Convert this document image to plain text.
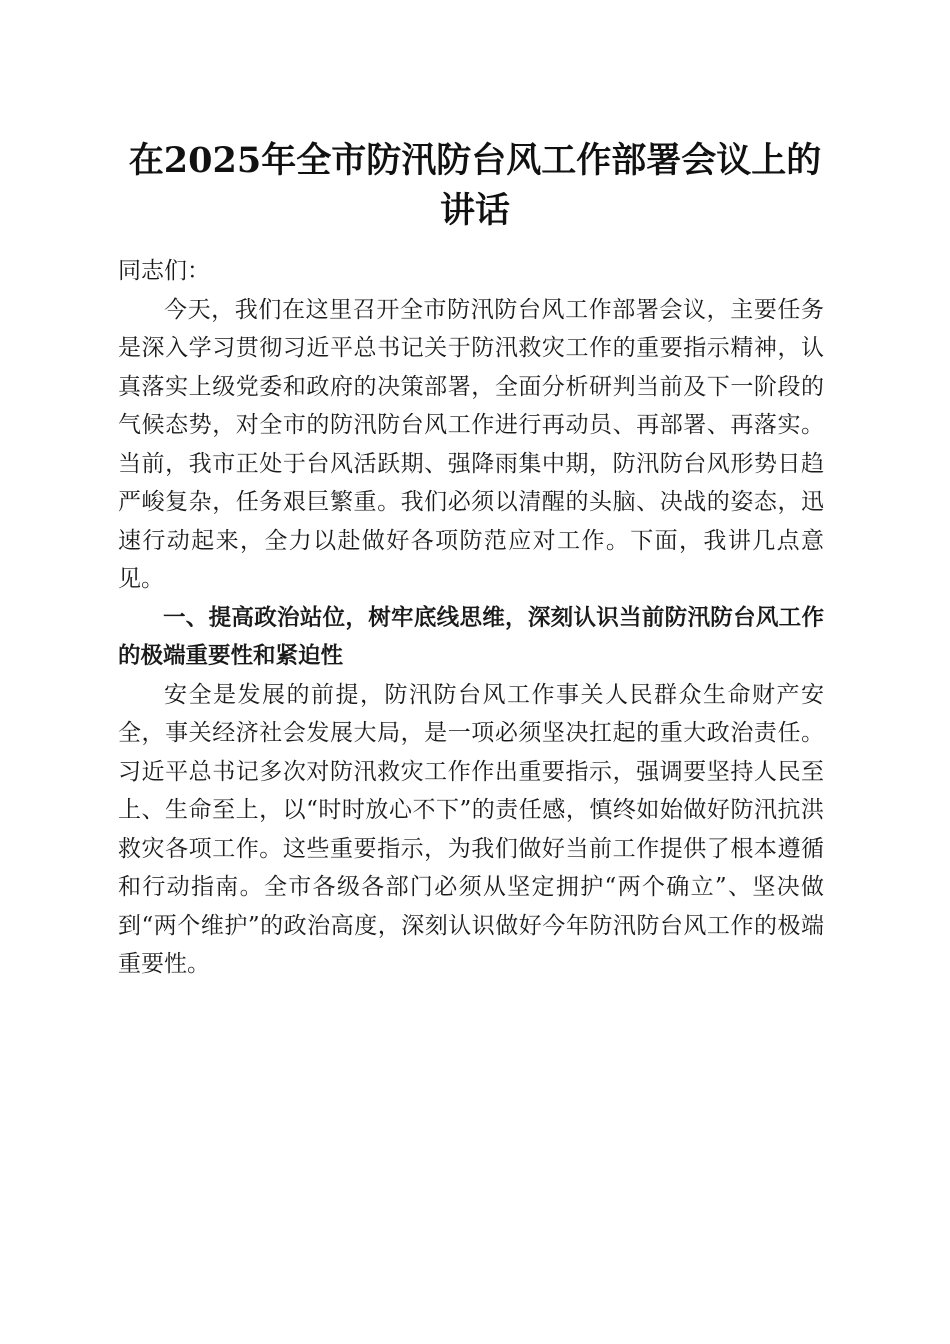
在2025年全市防汛防台风工作部署会议上的讲话

同志们：

今天，我们在这里召开全市防汛防台风工作部署会议，主要任务是深入学习贯彻习近平总书记关于防汛救灾工作的重要指示精神，认真落实上级党委和政府的决策部署，全面分析研判当前及下一阶段的气候态势，对全市的防汛防台风工作进行再动员、再部署、再落实。当前，我市正处于台风活跃期、强降雨集中期，防汛防台风形势日趋严峻复杂，任务艰巨繁重。我们必须以清醒的头脑、决战的姿态，迅速行动起来，全力以赴做好各项防范应对工作。下面，我讲几点意见。

一、提高政治站位，树牢底线思维，深刻认识当前防汛防台风工作的极端重要性和紧迫性

安全是发展的前提，防汛防台风工作事关人民群众生命财产安全，事关经济社会发展大局，是一项必须坚决扛起的重大政治责任。习近平总书记多次对防汛救灾工作作出重要指示，强调要坚持人民至上、生命至上，以“时时放心不下”的责任感，慎终如始做好防汛抗洪救灾各项工作。这些重要指示，为我们做好当前工作提供了根本遵循和行动指南。全市各级各部门必须从坚定拥护“两个确立”、坚决做到“两个维护”的政治高度，深刻认识做好今年防汛防台风工作的极端重要性。
